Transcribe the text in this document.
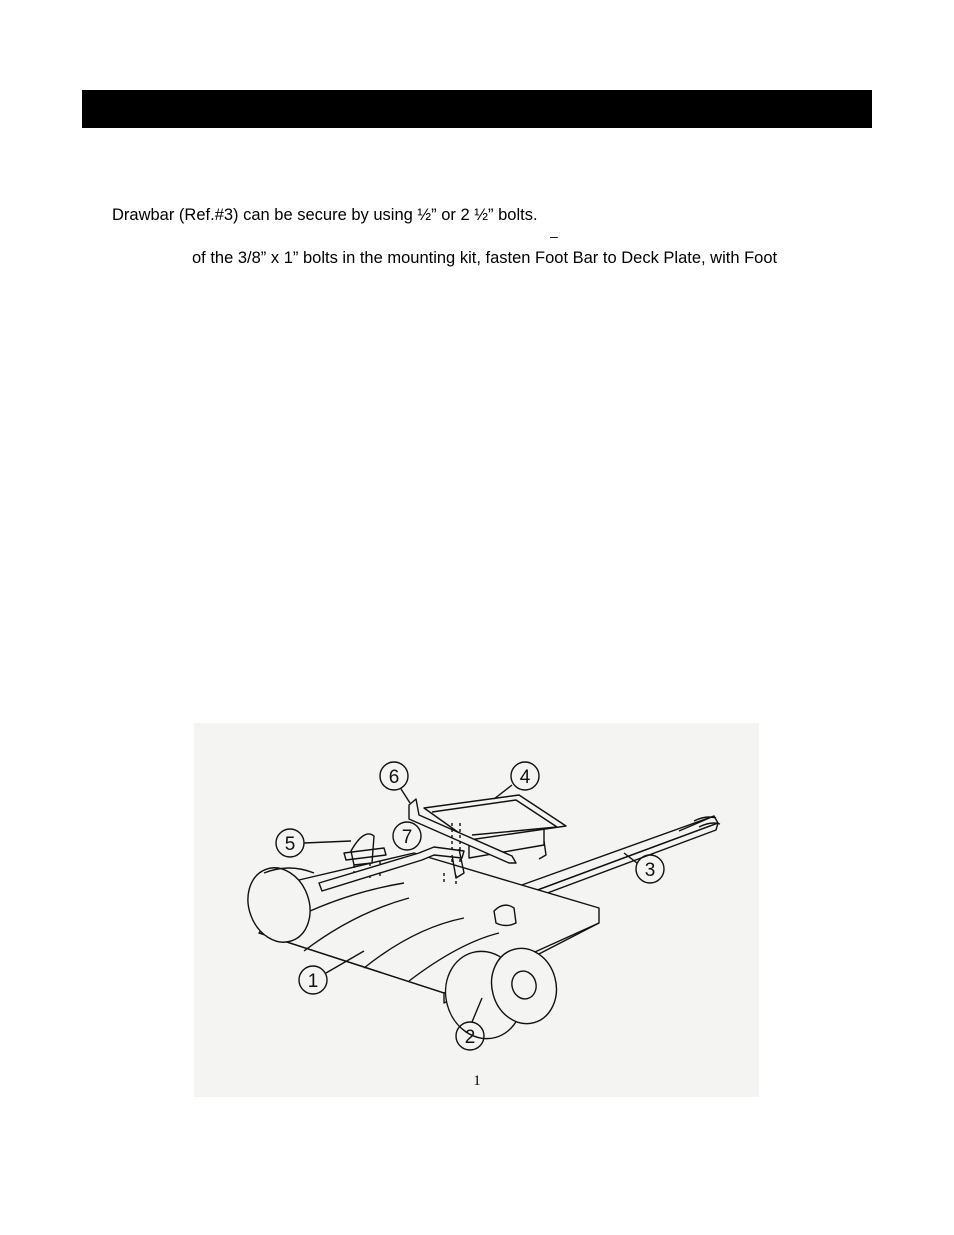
Drawbar (Ref.#3) can be secure by using ½” or 2 ½” bolts.
–
of the 3/8” x 1” bolts in the mounting kit, fasten Foot Bar to Deck Plate, with Foot
6	4
5	7
3
1
2
1
